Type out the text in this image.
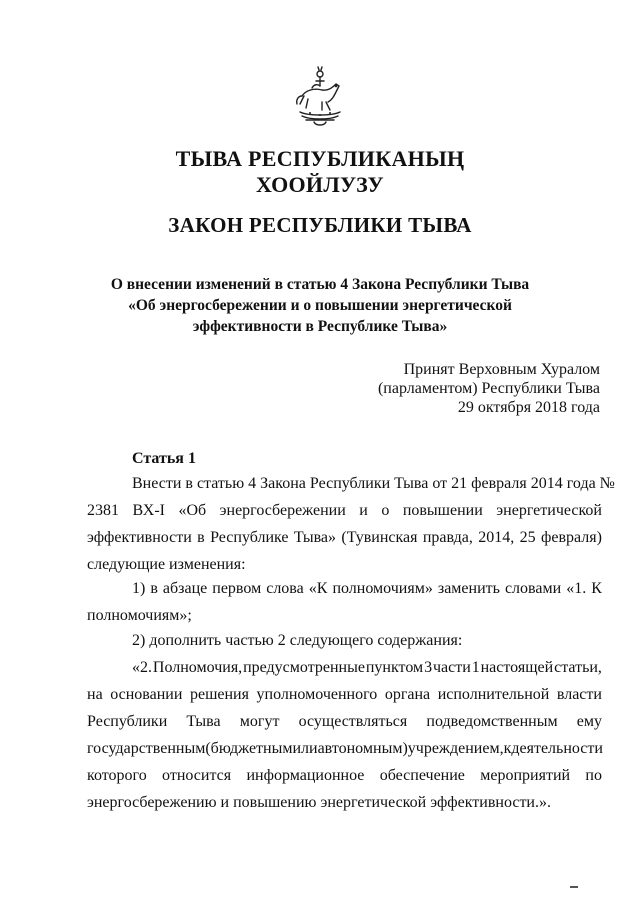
ТЫВА РЕСПУБЛИКАНЫҢ
ХООЙЛУЗУ
ЗАКОН РЕСПУБЛИКИ ТЫВА
О внесении изменений в статью 4 Закона Республики Тыва
«Об энергосбережении и о повышении энергетической
эффективности в Республике Тыва»
Принят Верховным Хуралом
(парламентом) Республики Тыва
29 октября 2018 года
Статья 1
Внести в статью 4 Закона Республики Тыва от 21 февраля 2014 года №
2381 ВХ-І «Об энергосбережении и о повышении энергетической
эффективности в Республике Тыва» (Тувинская правда, 2014, 25 февраля)
следующие изменения:
1) в абзаце первом слова «К полномочиям» заменить словами «1. К
полномочиям»;
2) дополнить частью 2 следующего содержания:
«2. Полномочия, предусмотренные пунктом 3 части 1 настоящей статьи,
на основании решения уполномоченного органа исполнительной власти
Республики Тыва могут осуществляться подведомственным ему
государственным (бюджетным или автономным) учреждением, к деятельности
которого относится информационное обеспечение мероприятий по
энергосбережению и повышению энергетической эффективности.».
